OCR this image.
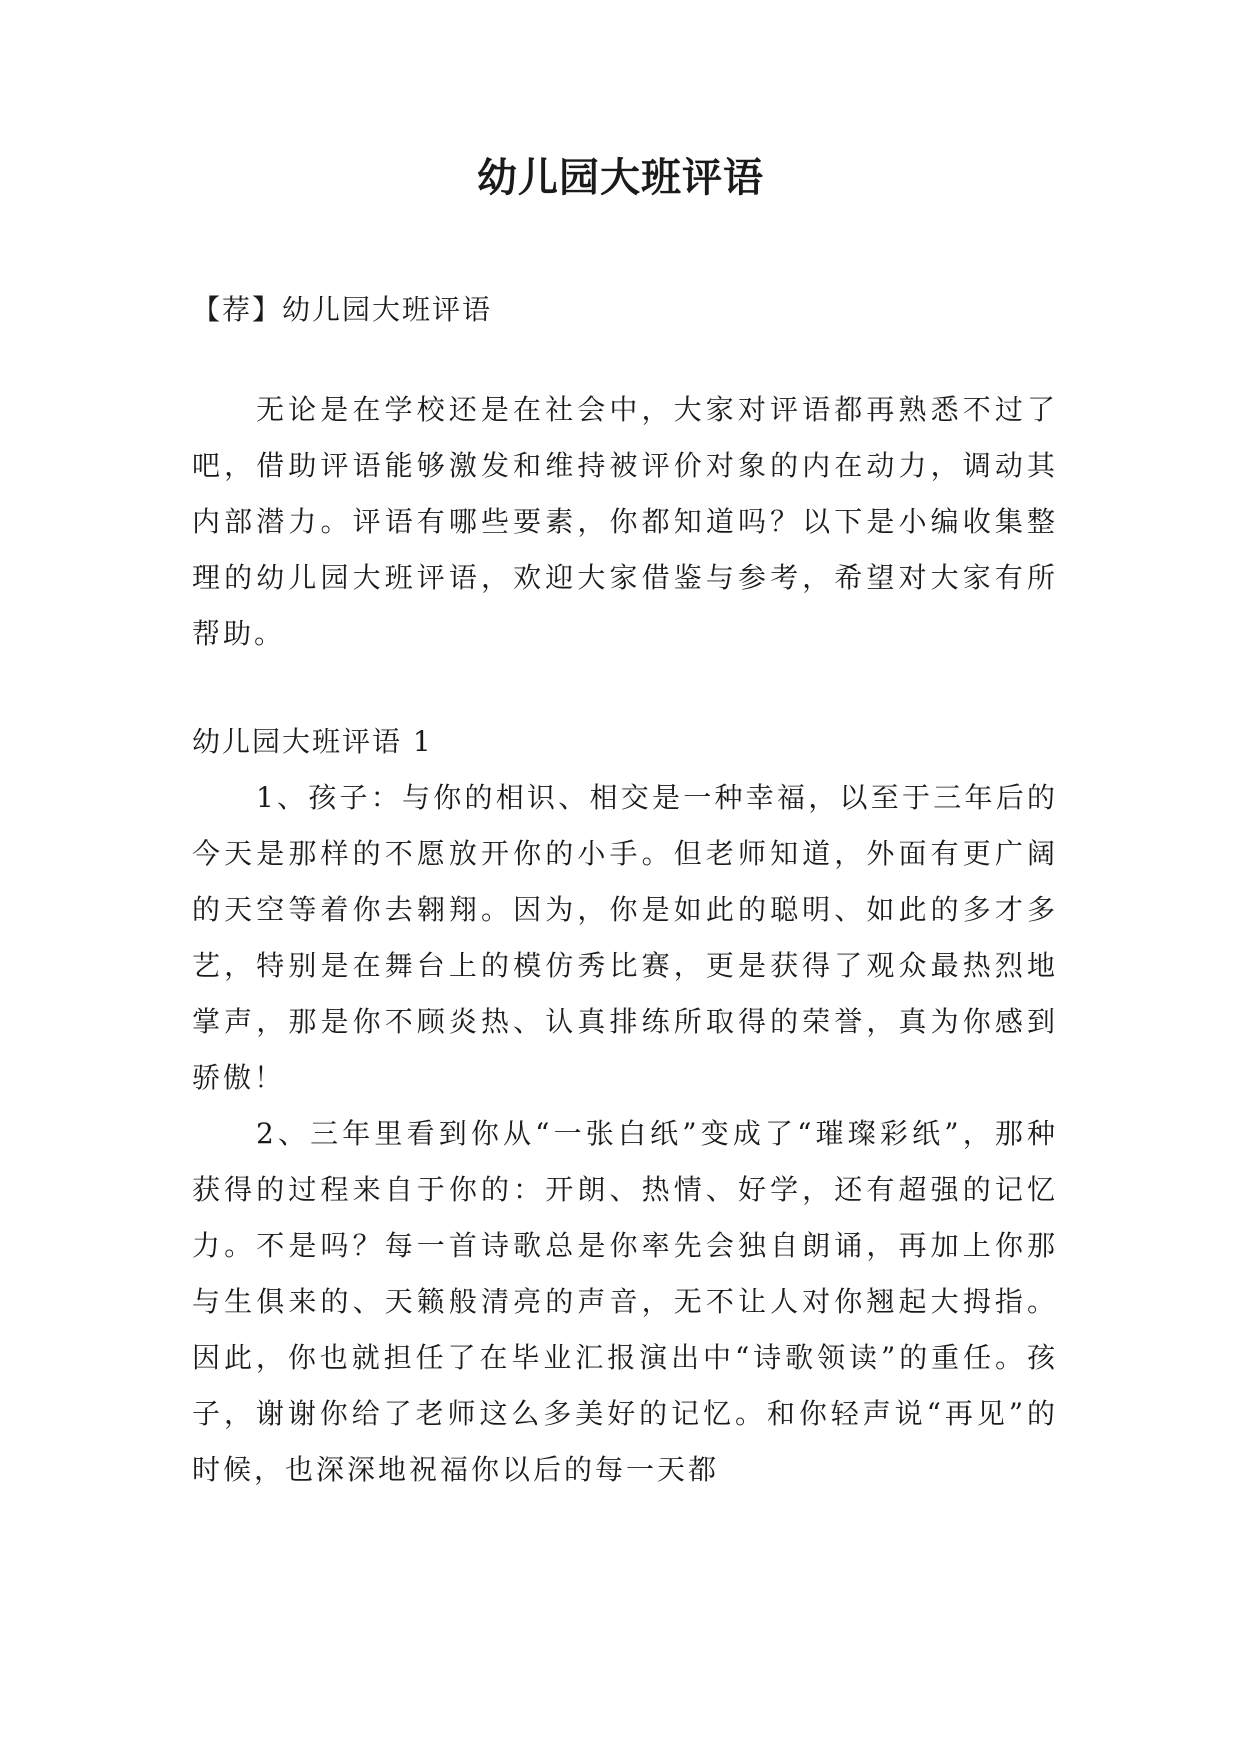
幼儿园大班评语

【荐】幼儿园大班评语

无论是在学校还是在社会中，大家对评语都再熟悉不过了吧，借助评语能够激发和维持被评价对象的内在动力，调动其内部潜力。评语有哪些要素，你都知道吗？以下是小编收集整理的幼儿园大班评语，欢迎大家借鉴与参考，希望对大家有所帮助。

幼儿园大班评语 1

1、孩子：与你的相识、相交是一种幸福，以至于三年后的今天是那样的不愿放开你的小手。但老师知道，外面有更广阔的天空等着你去翱翔。因为，你是如此的聪明、如此的多才多艺，特别是在舞台上的模仿秀比赛，更是获得了观众最热烈地掌声，那是你不顾炎热、认真排练所取得的荣誉，真为你感到骄傲！

2、三年里看到你从“一张白纸”变成了“璀璨彩纸”，那种获得的过程来自于你的：开朗、热情、好学，还有超强的记忆力。不是吗？每一首诗歌总是你率先会独自朗诵，再加上你那与生俱来的、天籁般清亮的声音，无不让人对你翘起大拇指。因此，你也就担任了在毕业汇报演出中“诗歌领读”的重任。孩子，谢谢你给了老师这么多美好的记忆。和你轻声说“再见”的时候，也深深地祝福你以后的每一天都
